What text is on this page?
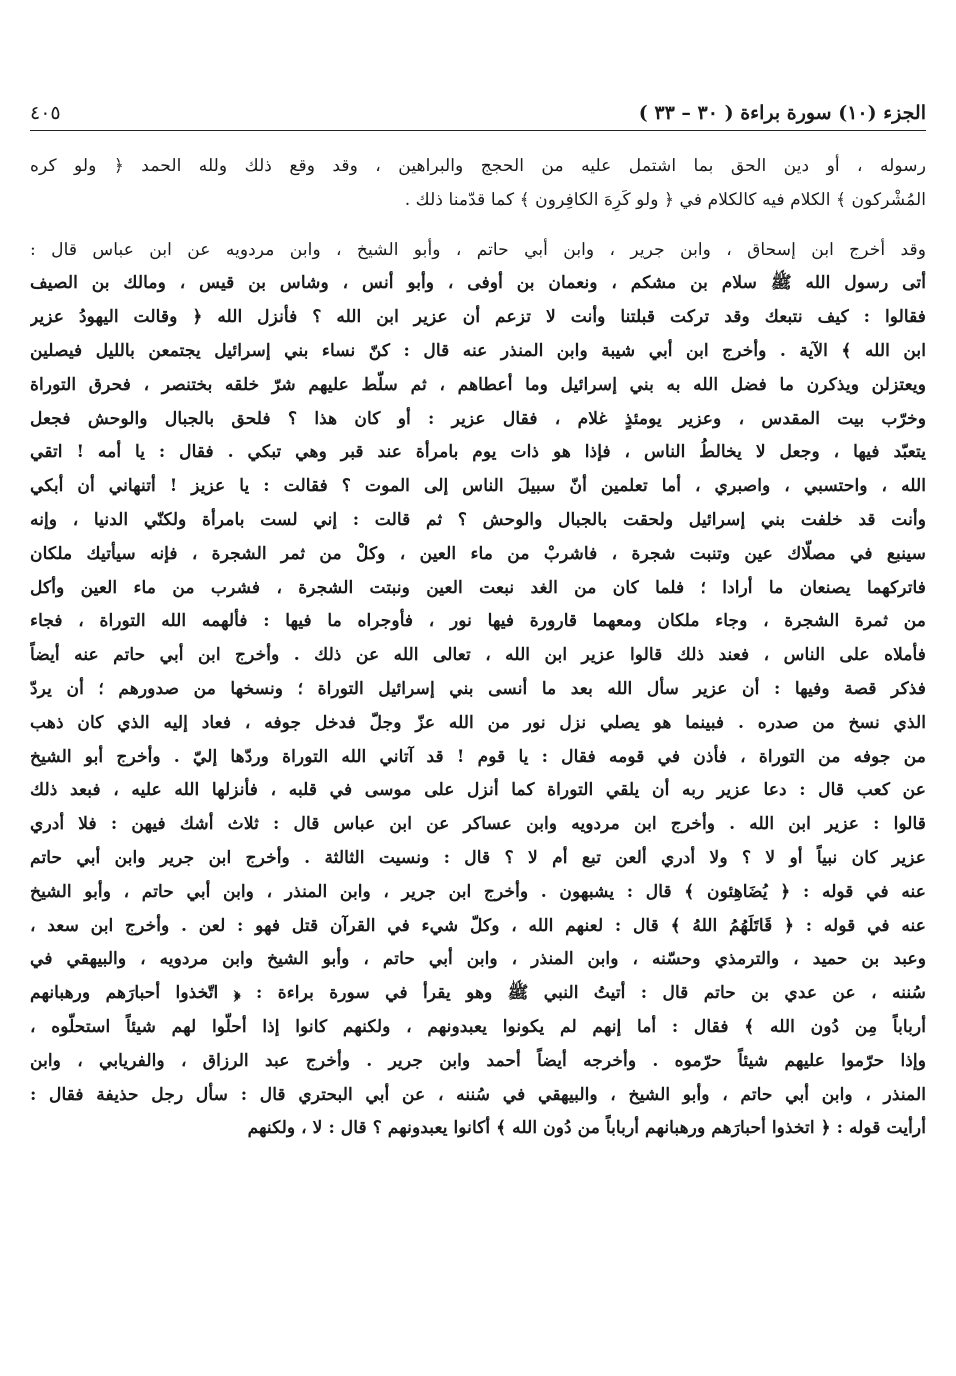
الجزء (١٠) سورة براءة ( ٣٠ – ٣٣ )
٤٠٥
رسوله ، أو دين الحق بما اشتمل عليه من الحجج والبراهين ، وقد وقع ذلك ولله الحمد ﴿ ولو كره
المُشْركون ﴾ الكلام فيه كالكلام في ﴿ ولو كَرِهَ الكافِرون ﴾ كما قدّمنا ذلك .
وقد أخرج ابن إسحاق ، وابن جرير ، وابن أبي حاتم ، وأبو الشيخ ، وابن مردويه عن ابن عباس قال :
أتى رسول الله ﷺ سلام بن مشكم ، ونعمان بن أوفى ، وأبو أنس ، وشاس بن قيس ، ومالك بن الصيف
فقالوا : كيف نتبعك وقد تركت قبلتنا وأنت لا تزعم أن عزير ابن الله ؟ فأنزل الله ﴿ وقالت اليهودُ عزير
ابن الله ﴾ الآية . وأخرج ابن أبي شيبة وابن المنذر عنه قال : كنّ نساء بني إسرائيل يجتمعن بالليل فيصلين
ويعتزلن ويذكرن ما فضل الله به بني إسرائيل وما أعطاهم ، ثم سلّط عليهم شرّ خلقه بختنصر ، فحرق التوراة
وخرّب بيت المقدس ، وعزير يومئذٍ غلام ، فقال عزير : أو كان هذا ؟ فلحق بالجبال والوحش فجعل
يتعبّد فيها ، وجعل لا يخالطُ الناس ، فإذا هو ذات يوم بامرأة عند قبر وهي تبكي . فقال : يا أمه ! اتقي
الله ، واحتسبي ، واصبري ، أما تعلمين أنّ سبيلَ الناس إلى الموت ؟ فقالت : يا عزيز ! أتنهاني أن أبكي
وأنت قد خلفت بني إسرائيل ولحقت بالجبال والوحش ؟ ثم قالت : إني لست بامرأة ولكنّي الدنيا ، وإنه
سينبع في مصلّاك عين وتنبت شجرة ، فاشربْ من ماء العين ، وكلْ من ثمر الشجرة ، فإنه سيأتيك ملكان
فاتركهما يصنعان ما أرادا ؛ فلما كان من الغد نبعت العين ونبتت الشجرة ، فشرب من ماء العين وأكل
من ثمرة الشجرة ، وجاء ملكان ومعهما قارورة فيها نور ، فأوجراه ما فيها : فألهمه الله التوراة ، فجاء
فأملاه على الناس ، فعند ذلك قالوا عزير ابن الله ، تعالى الله عن ذلك . وأخرج ابن أبي حاتم عنه أيضاً
فذكر قصة وفيها : أن عزير سأل الله بعد ما أنسى بني إسرائيل التوراة ؛ ونسخها من صدورهم ؛ أن يردّ
الذي نسخ من صدره . فبينما هو يصلي نزل نور من الله عزّ وجلّ فدخل جوفه ، فعاد إليه الذي كان ذهب
من جوفه من التوراة ، فأذن في قومه فقال : يا قوم ! قد آتاني الله التوراة وردّها إليّ . وأخرج أبو الشيخ
عن كعب قال : دعا عزير ربه أن يلقي التوراة كما أنزل على موسى في قلبه ، فأنزلها الله عليه ، فبعد ذلك
قالوا : عزير ابن الله . وأخرج ابن مردويه وابن عساكر عن ابن عباس قال : ثلاث أشك فيهن : فلا أدري
عزير كان نبياً أو لا ؟ ولا أدري ألعن تبع أم لا ؟ قال : ونسيت الثالثة . وأخرج ابن جرير وابن أبي حاتم
عنه في قوله : ﴿ يُضَاهِئون ﴾ قال : يشبهون . وأخرج ابن جرير ، وابن المنذر ، وابن أبي حاتم ، وأبو الشيخ
عنه في قوله : ﴿ قَاتَلَهُمُ اللهُ ﴾ قال : لعنهم الله ، وكلّ شيء في القرآن قتل فهو : لعن . وأخرج ابن سعد ،
وعبد بن حميد ، والترمذي وحسّنه ، وابن المنذر ، وابن أبي حاتم ، وأبو الشيخ وابن مردويه ، والبيهقي في
سُننه ، عن عدي بن حاتم قال : أتيتُ النبي ﷺ وهو يقرأ في سورة براءة : ﴿ اتّخذوا أحبارَهم ورهبانهم
أرباباً مِن دُون الله ﴾ فقال : أما إنهم لم يكونوا يعبدونهم ، ولكنهم كانوا إذا أحلّوا لهم شيئاً استحلّوه ،
وإذا حرّموا عليهم شيئاً حرّموه . وأخرجه أيضاً أحمد وابن جرير . وأخرج عبد الرزاق ، والفريابي ، وابن
المنذر ، وابن أبي حاتم ، وأبو الشيخ ، والبيهقي في سُننه ، عن أبي البحتري قال : سأل رجل حذيفة فقال :
أرأيت قوله : ﴿ اتخذوا أحبارَهم ورهبانهم أرباباً من دُون الله ﴾ أكانوا يعبدونهم ؟ قال : لا ، ولكنهم
